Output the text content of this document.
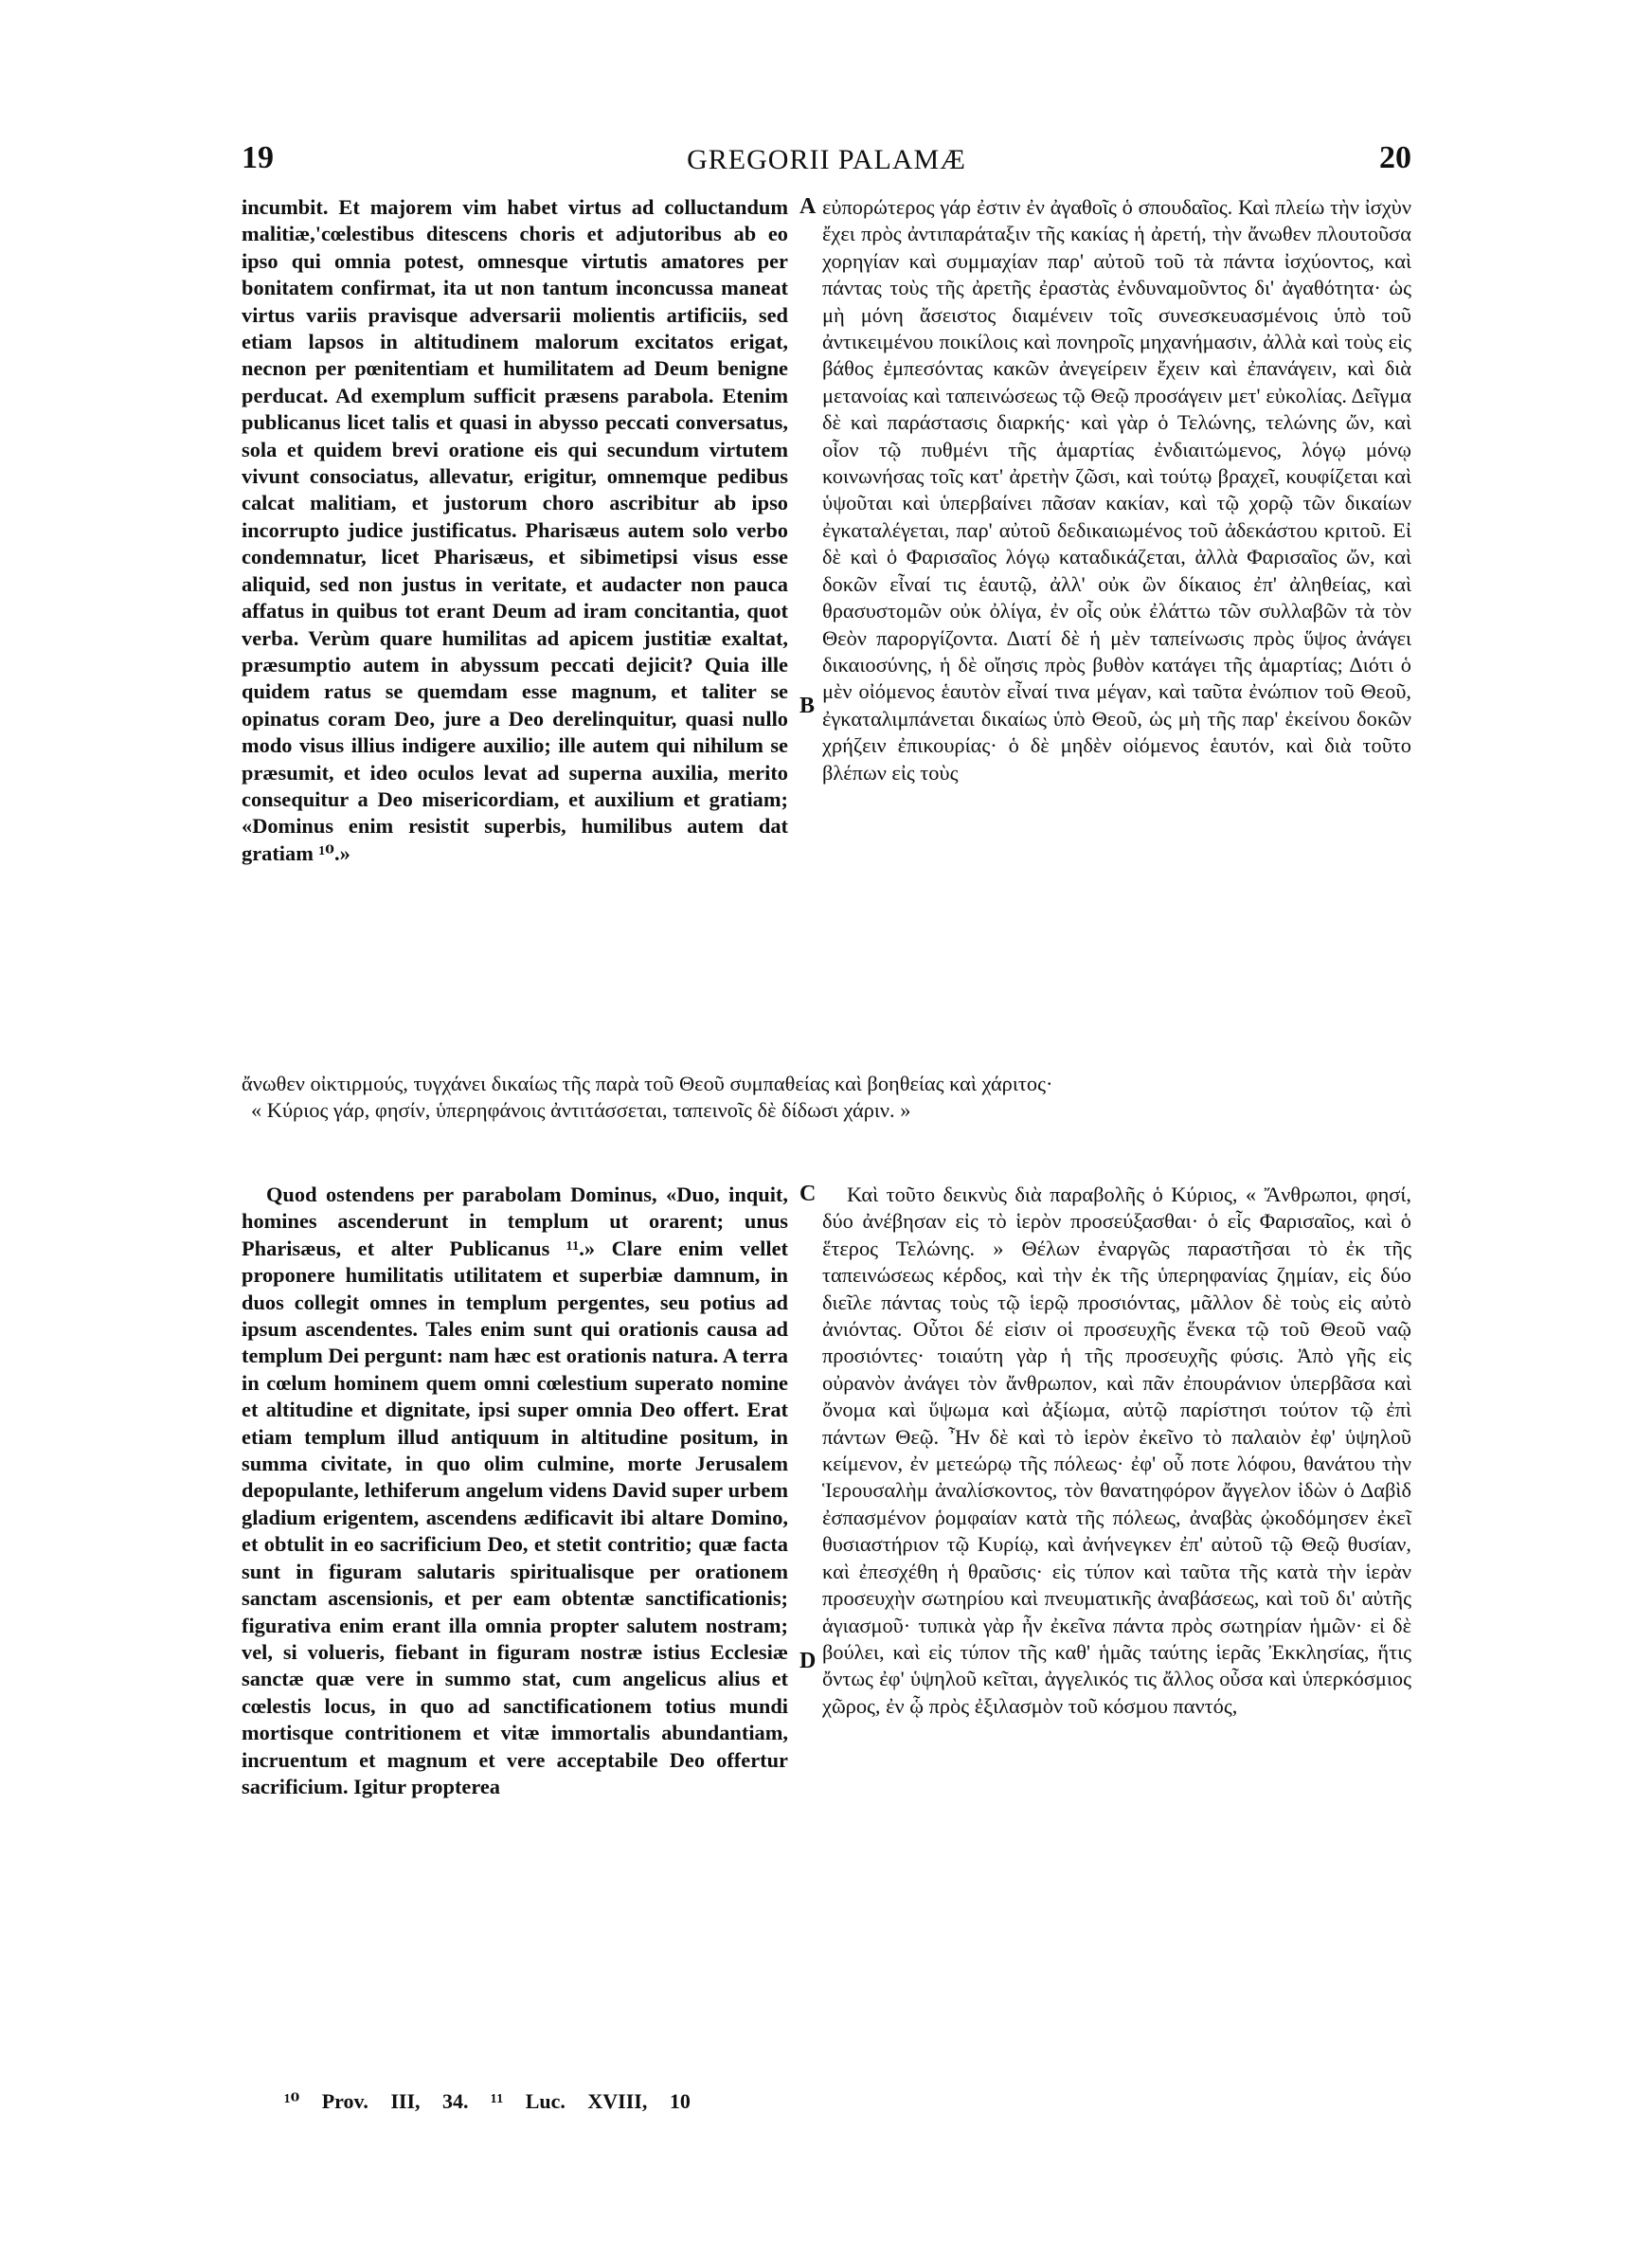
19	GREGORII PALAMÆ	20
A
B
C
D

incumbit. Et majorem vim habet virtus ad colluctandum malitiæ,'cœlestibus ditescens choris et adjutoribus ab eo ipso qui omnia potest, omnesque virtutis amatores per bonitatem confirmat, ita ut non tantum inconcussa maneat virtus variis pravisque adversarii molientis artificiis, sed etiam lapsos in altitudinem malorum excitatos erigat, necnon per pœnitentiam et humilitatem ad Deum benigne perducat. Ad exemplum sufficit præsens parabola. Etenim publicanus licet talis et quasi in abysso peccati conversatus, sola et quidem brevi oratione eis qui secundum virtutem vivunt consociatus, allevatur, erigitur, omnemque pedibus calcat malitiam, et justorum choro ascribitur ab ipso incorrupto judice justificatus. Pharisæus autem solo verbo condemnatur, licet Pharisæus, et sibimetipsi visus esse aliquid, sed non justus in veritate, et audacter non pauca affatus in quibus tot erant Deum ad iram concitantia, quot verba. Verùm quare humilitas ad apicem justitiæ exaltat, præsumptio autem in abyssum peccati dejicit? Quia ille quidem ratus se quemdam esse magnum, et taliter se opinatus coram Deo, jure a Deo derelinquitur, quasi nullo modo visus illius indigere auxilio; ille autem qui nihilum se præsumit, et ideo oculos levat ad superna auxilia, merito consequitur a Deo misericordiam, et auxilium et gratiam; «Dominus enim resistit superbis, humilibus autem dat gratiam ¹⁰.»

εὐπορώτερος γάρ ἐστιν ἐν ἀγαθοῖς ὁ σπουδαῖος. Καὶ πλείω τὴν ἰσχὺν ἔχει πρὸς ἀντιπαράταξιν τῆς κακίας ἡ ἀρετή, τὴν ἄνωθεν πλουτοῦσα χορηγίαν καὶ συμμαχίαν παρ' αὐτοῦ τοῦ τὰ πάντα ἰσχύοντος, καὶ πάντας τοὺς τῆς ἀρετῆς ἐραστὰς ἐνδυναμοῦντος δι' ἀγαθότητα· ὡς μὴ μόνη ἄσειστος διαμένειν τοῖς συνεσκευασμένοις ὑπὸ τοῦ ἀντικειμένου ποικίλοις καὶ πονηροῖς μηχανήμασιν, ἀλλὰ καὶ τοὺς εἰς βάθος ἐμπεσόντας κακῶν ἀνεγείρειν ἔχειν καὶ ἐπανάγειν, καὶ διὰ μετανοίας καὶ ταπεινώσεως τῷ Θεῷ προσάγειν μετ' εὐκολίας. Δεῖγμα δὲ καὶ παράστασις διαρκής· καὶ γὰρ ὁ Τελώνης, τελώνης ὤν, καὶ οἷον τῷ πυθμένι τῆς ἁμαρτίας ἐνδιαιτώμενος, λόγῳ μόνῳ κοινωνήσας τοῖς κατ' ἀρετὴν ζῶσι, καὶ τούτῳ βραχεῖ, κουφίζεται καὶ ὑψοῦται καὶ ὑπερβαίνει πᾶσαν κακίαν, καὶ τῷ χορῷ τῶν δικαίων ἐγκαταλέγεται, παρ' αὐτοῦ δεδικαιωμένος τοῦ ἀδεκάστου κριτοῦ. Εἰ δὲ καὶ ὁ Φαρισαῖος λόγῳ καταδικάζεται, ἀλλὰ Φαρισαῖος ὤν, καὶ δοκῶν εἶναί τις ἑαυτῷ, ἀλλ' οὐκ ὢν δίκαιος ἐπ' ἀληθείας, καὶ θρασυστομῶν οὐκ ὀλίγα, ἐν οἷς οὐκ ἐλάττω τῶν συλλαβῶν τὰ τὸν Θεὸν παροργίζοντα. Διατί δὲ ἡ μὲν ταπείνωσις πρὸς ὕψος ἀνάγει δικαιοσύνης, ἡ δὲ οἴησις πρὸς βυθὸν κατάγει τῆς ἁμαρτίας; Διότι ὁ μὲν οἰόμενος ἑαυτὸν εἶναί τινα μέγαν, καὶ ταῦτα ἐνώπιον τοῦ Θεοῦ, ἐγκαταλιμπάνεται δικαίως ὑπὸ Θεοῦ, ὡς μὴ τῆς παρ' ἐκείνου δοκῶν χρήζειν ἐπικουρίας· ὁ δὲ μηδὲν οἰόμενος ἑαυτόν, καὶ διὰ τοῦτο βλέπων εἰς τοὺς

ἄνωθεν οἰκτιρμούς, τυγχάνει δικαίως τῆς παρὰ τοῦ Θεοῦ συμπαθείας καὶ βοηθείας καὶ χάριτος·

« Κύριος γάρ, φησίν, ὑπερηφάνοις ἀντιτάσσεται, ταπεινοῖς δὲ δίδωσι χάριν. »

Quod ostendens per parabolam Dominus, «Duo, inquit, homines ascenderunt in templum ut orarent; unus Pharisæus, et alter Publicanus ¹¹.» Clare enim vellet proponere humilitatis utilitatem et superbiæ damnum, in duos collegit omnes in templum pergentes, seu potius ad ipsum ascendentes. Tales enim sunt qui orationis causa ad templum Dei pergunt: nam hæc est orationis natura. A terra in cœlum hominem quem omni cœlestium superato nomine et altitudine et dignitate, ipsi super omnia Deo offert. Erat etiam templum illud antiquum in altitudine positum, in summa civitate, in quo olim culmine, morte Jerusalem depopulante, lethiferum angelum videns David super urbem gladium erigentem, ascendens ædificavit ibi altare Domino, et obtulit in eo sacrificium Deo, et stetit contritio; quæ facta sunt in figuram salutaris spiritualisque per orationem sanctam ascensionis, et per eam obtentæ sanctificationis; figurativa enim erant illa omnia propter salutem nostram; vel, si volueris, fiebant in figuram nostræ istius Ecclesiæ sanctæ quæ vere in summo stat, cum angelicus alius et cœlestis locus, in quo ad sanctificationem totius mundi mortisque contritionem et vitæ immortalis abundantiam, incruentum et magnum et vere acceptabile Deo offertur sacrificium. Igitur propterea

Καὶ τοῦτο δεικνὺς διὰ παραβολῆς ὁ Κύριος, « Ἄνθρωποι, φησί, δύο ἀνέβησαν εἰς τὸ ἱερὸν προσεύξασθαι· ὁ εἷς Φαρισαῖος, καὶ ὁ ἕτερος Τελώνης. » Θέλων ἐναργῶς παραστῆσαι τὸ ἐκ τῆς ταπεινώσεως κέρδος, καὶ τὴν ἐκ τῆς ὑπερηφανίας ζημίαν, εἰς δύο διεῖλε πάντας τοὺς τῷ ἱερῷ προσιόντας, μᾶλλον δὲ τοὺς εἰς αὐτὸ ἀνιόντας. Οὗτοι δέ εἰσιν οἱ προσευχῆς ἕνεκα τῷ τοῦ Θεοῦ ναῷ προσιόντες· τοιαύτη γὰρ ἡ τῆς προσευχῆς φύσις. Ἀπὸ γῆς εἰς οὐρανὸν ἀνάγει τὸν ἄνθρωπον, καὶ πᾶν ἐπουράνιον ὑπερβᾶσα καὶ ὄνομα καὶ ὕψωμα καὶ ἀξίωμα, αὐτῷ παρίστησι τούτον τῷ ἐπὶ πάντων Θεῷ. Ἦν δὲ καὶ τὸ ἱερὸν ἐκεῖνο τὸ παλαιὸν ἐφ' ὑψηλοῦ κείμενον, ἐν μετεώρῳ τῆς πόλεως· ἐφ' οὗ ποτε λόφου, θανάτου τὴν Ἱερουσαλὴμ ἀναλίσκοντος, τὸν θανατηφόρον ἄγγελον ἰδὼν ὁ Δαβὶδ ἐσπασμένον ῥομφαίαν κατὰ τῆς πόλεως, ἀναβὰς ᾠκοδόμησεν ἐκεῖ θυσιαστήριον τῷ Κυρίῳ, καὶ ἀνήνεγκεν ἐπ' αὐτοῦ τῷ Θεῷ θυσίαν, καὶ ἐπεσχέθη ἡ θραῦσις· εἰς τύπον καὶ ταῦτα τῆς κατὰ τὴν ἱερὰν προσευχὴν σωτηρίου καὶ πνευματικῆς ἀναβάσεως, καὶ τοῦ δι' αὐτῆς ἁγιασμοῦ· τυπικὰ γὰρ ἦν ἐκεῖνα πάντα πρὸς σωτηρίαν ἡμῶν· εἰ δὲ βούλει, καὶ εἰς τύπον τῆς καθ' ἡμᾶς ταύτης ἱερᾶς Ἐκκλησίας, ἥτις ὄντως ἐφ' ὑψηλοῦ κεῖται, ἀγγελικός τις ἄλλος οὖσα καὶ ὑπερκόσμιος χῶρος, ἐν ᾧ πρὸς ἐξιλασμὸν τοῦ κόσμου παντός,

¹⁰ Prov. III, 34. ¹¹ Luc. XVIII, 10
